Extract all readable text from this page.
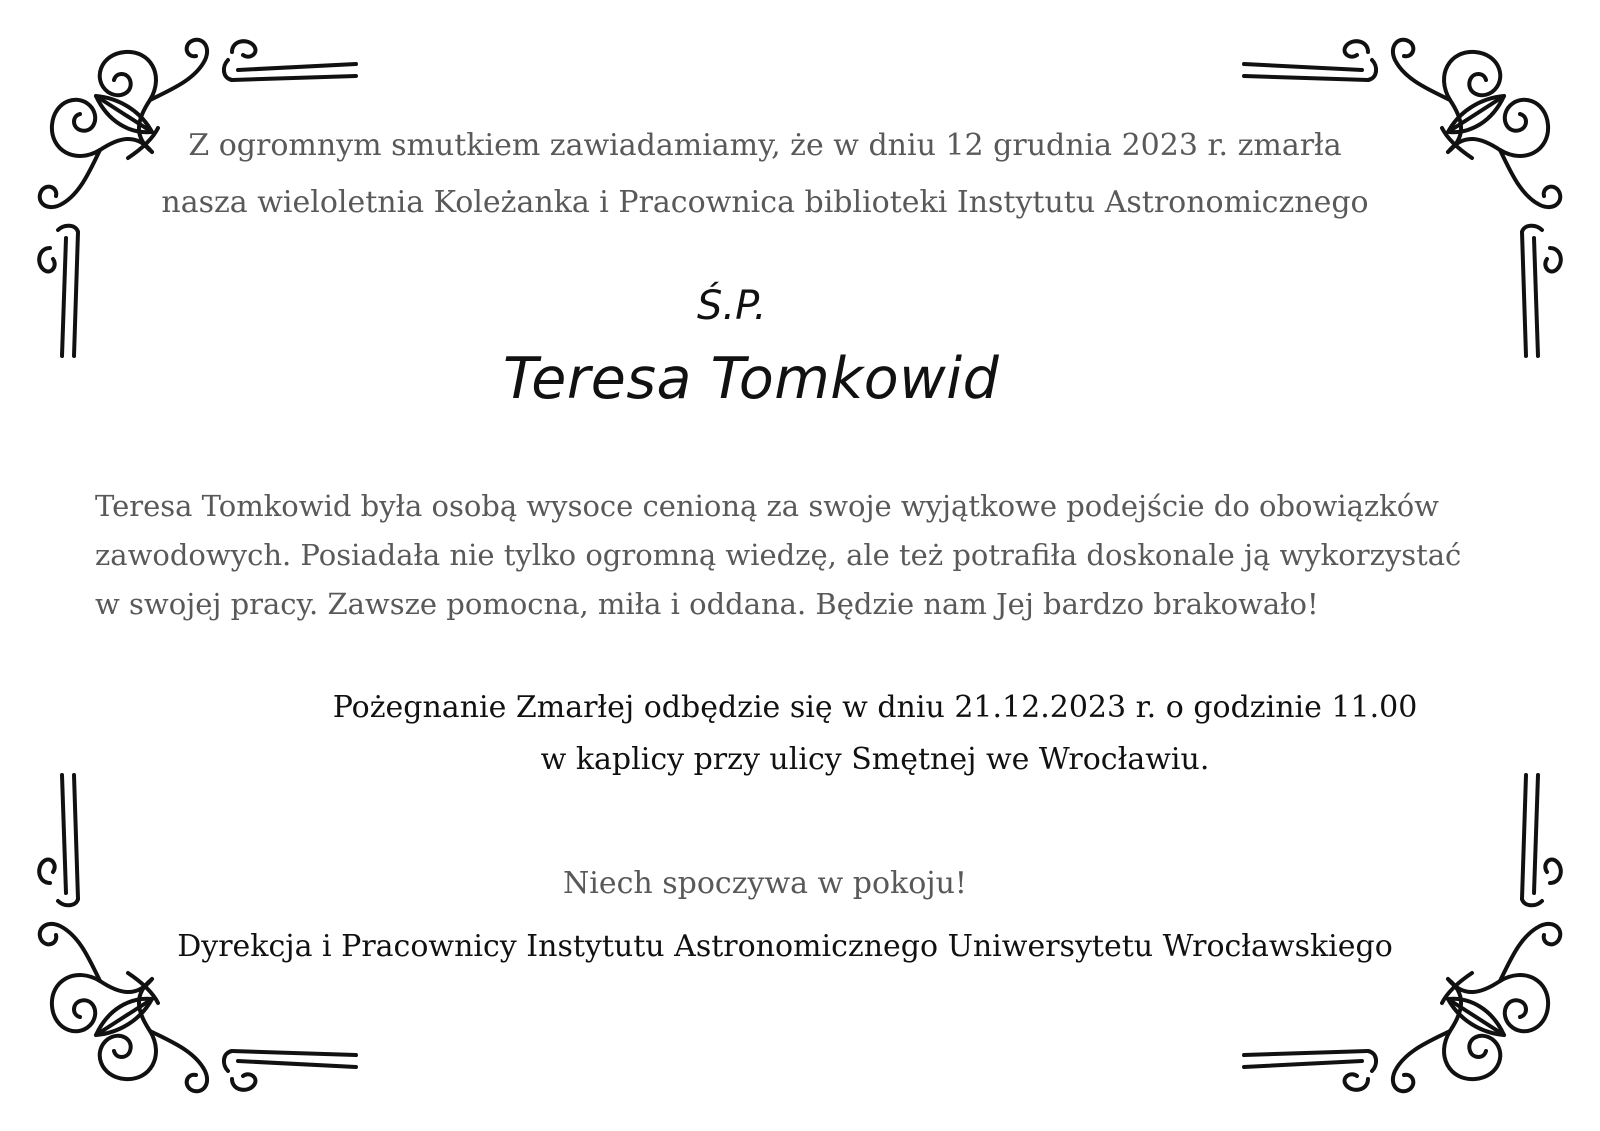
Z ogromnym smutkiem zawiadamiamy, że w dniu 12 grudnia 2023 r. zmarła
nasza wieloletnia Koleżanka i Pracownica biblioteki Instytutu Astronomicznego
Ś.P.
Teresa Tomkowid

Teresa Tomkowid była osobą wysoce cenioną za swoje wyjątkowe podejście do obowiązków

zawodowych. Posiadała nie tylko ogromną wiedzę, ale też potrafiła doskonale ją wykorzystać

w swojej pracy. Zawsze pomocna, miła i oddana. Będzie nam Jej bardzo brakowało!

Pożegnanie Zmarłej odbędzie się w dniu 21.12.2023 r. o godzinie 11.00
w kaplicy przy ulicy Smętnej we Wrocławiu.
Niech spoczywa w pokoju!
Dyrekcja i Pracownicy Instytutu Astronomicznego Uniwersytetu Wrocławskiego
